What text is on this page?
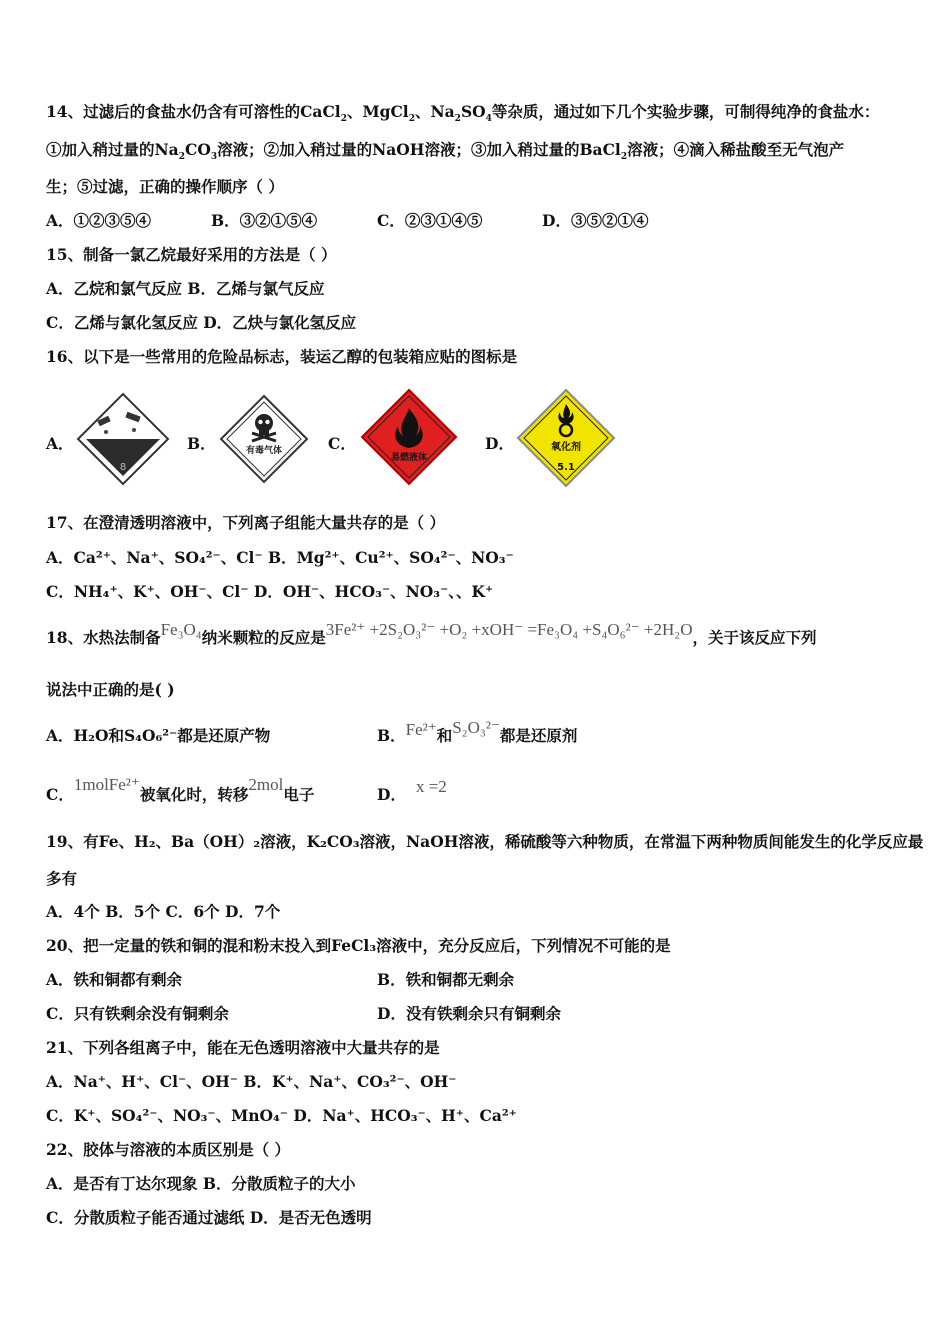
14、过滤后的食盐水仍含有可溶性的CaCl$_2$、MgCl$_2$、$Na_2SO_4$等杂质，通过如下几个实验步骤，可制得纯净的食盐水：
①加入稍过量的$Na_2CO_3$溶液；②加入稍过量的NaOH溶液；③加入稍过量的BaCl$_2$溶液；④滴入稀盐酸至无气泡产
生；⑤过滤，正确的操作顺序（ ）
A．①②③⑤④	B．③②①⑤④	C．②③①④⑤	D．③⑤②①④
15、制备一氯乙烷最好采用的方法是（ ）
A．乙烷和氯气反应 B．乙烯与氯气反应
C．乙烯与氯化氢反应 D．乙炔与氯化氢反应
16、以下是一些常用的危险品标志，装运乙醇的包装箱应贴的图标是
A．	B．	C．	D．
8
有毒气体
易燃液体
氧化剂
5.1
17、在澄清透明溶液中，下列离子组能大量共存的是（ ）
A．Ca²⁺、Na⁺、SO₄²⁻、Cl⁻ B．Mg²⁺、Cu²⁺、SO₄²⁻、NO₃⁻
C．NH₄⁺、K⁺、OH⁻、Cl⁻ D．OH⁻、HCO₃⁻、NO₃⁻、、K⁺
18、水热法制备Fe₃O₄纳米颗粒的反应是3Fe²⁺ +2S₂O₃²⁻ +O₂ +xOH⁻ =Fe₃O₄ +S₄O₆²⁻ +2H₂O，关于该反应下列
说法中正确的是( )
A．H₂O和S₄O₆²⁻都是还原产物	B．Fe²⁺和S₂O₃²⁻都是还原剂
C．1molFe²⁺被氧化时，转移2mol电子	D． x =2
19、有Fe、H₂、Ba（OH）₂溶液，K₂CO₃溶液，NaOH溶液，稀硫酸等六种物质，在常温下两种物质间能发生的化学反应最
多有
A．4个 B．5个 C．6个 D．7个
20、把一定量的铁和铜的混和粉末投入到FeCl₃溶液中，充分反应后，下列情况不可能的是
A．铁和铜都有剩余	B．铁和铜都无剩余
C．只有铁剩余没有铜剩余	D．没有铁剩余只有铜剩余
21、下列各组离子中，能在无色透明溶液中大量共存的是
A．Na⁺、H⁺、Cl⁻、OH⁻ B．K⁺、Na⁺、CO₃²⁻、OH⁻
C．K⁺、SO₄²⁻、NO₃⁻、MnO₄⁻ D．Na⁺、HCO₃⁻、H⁺、Ca²⁺
22、胶体与溶液的本质区别是（ ）
A．是否有丁达尔现象 B．分散质粒子的大小
C．分散质粒子能否通过滤纸 D．是否无色透明
